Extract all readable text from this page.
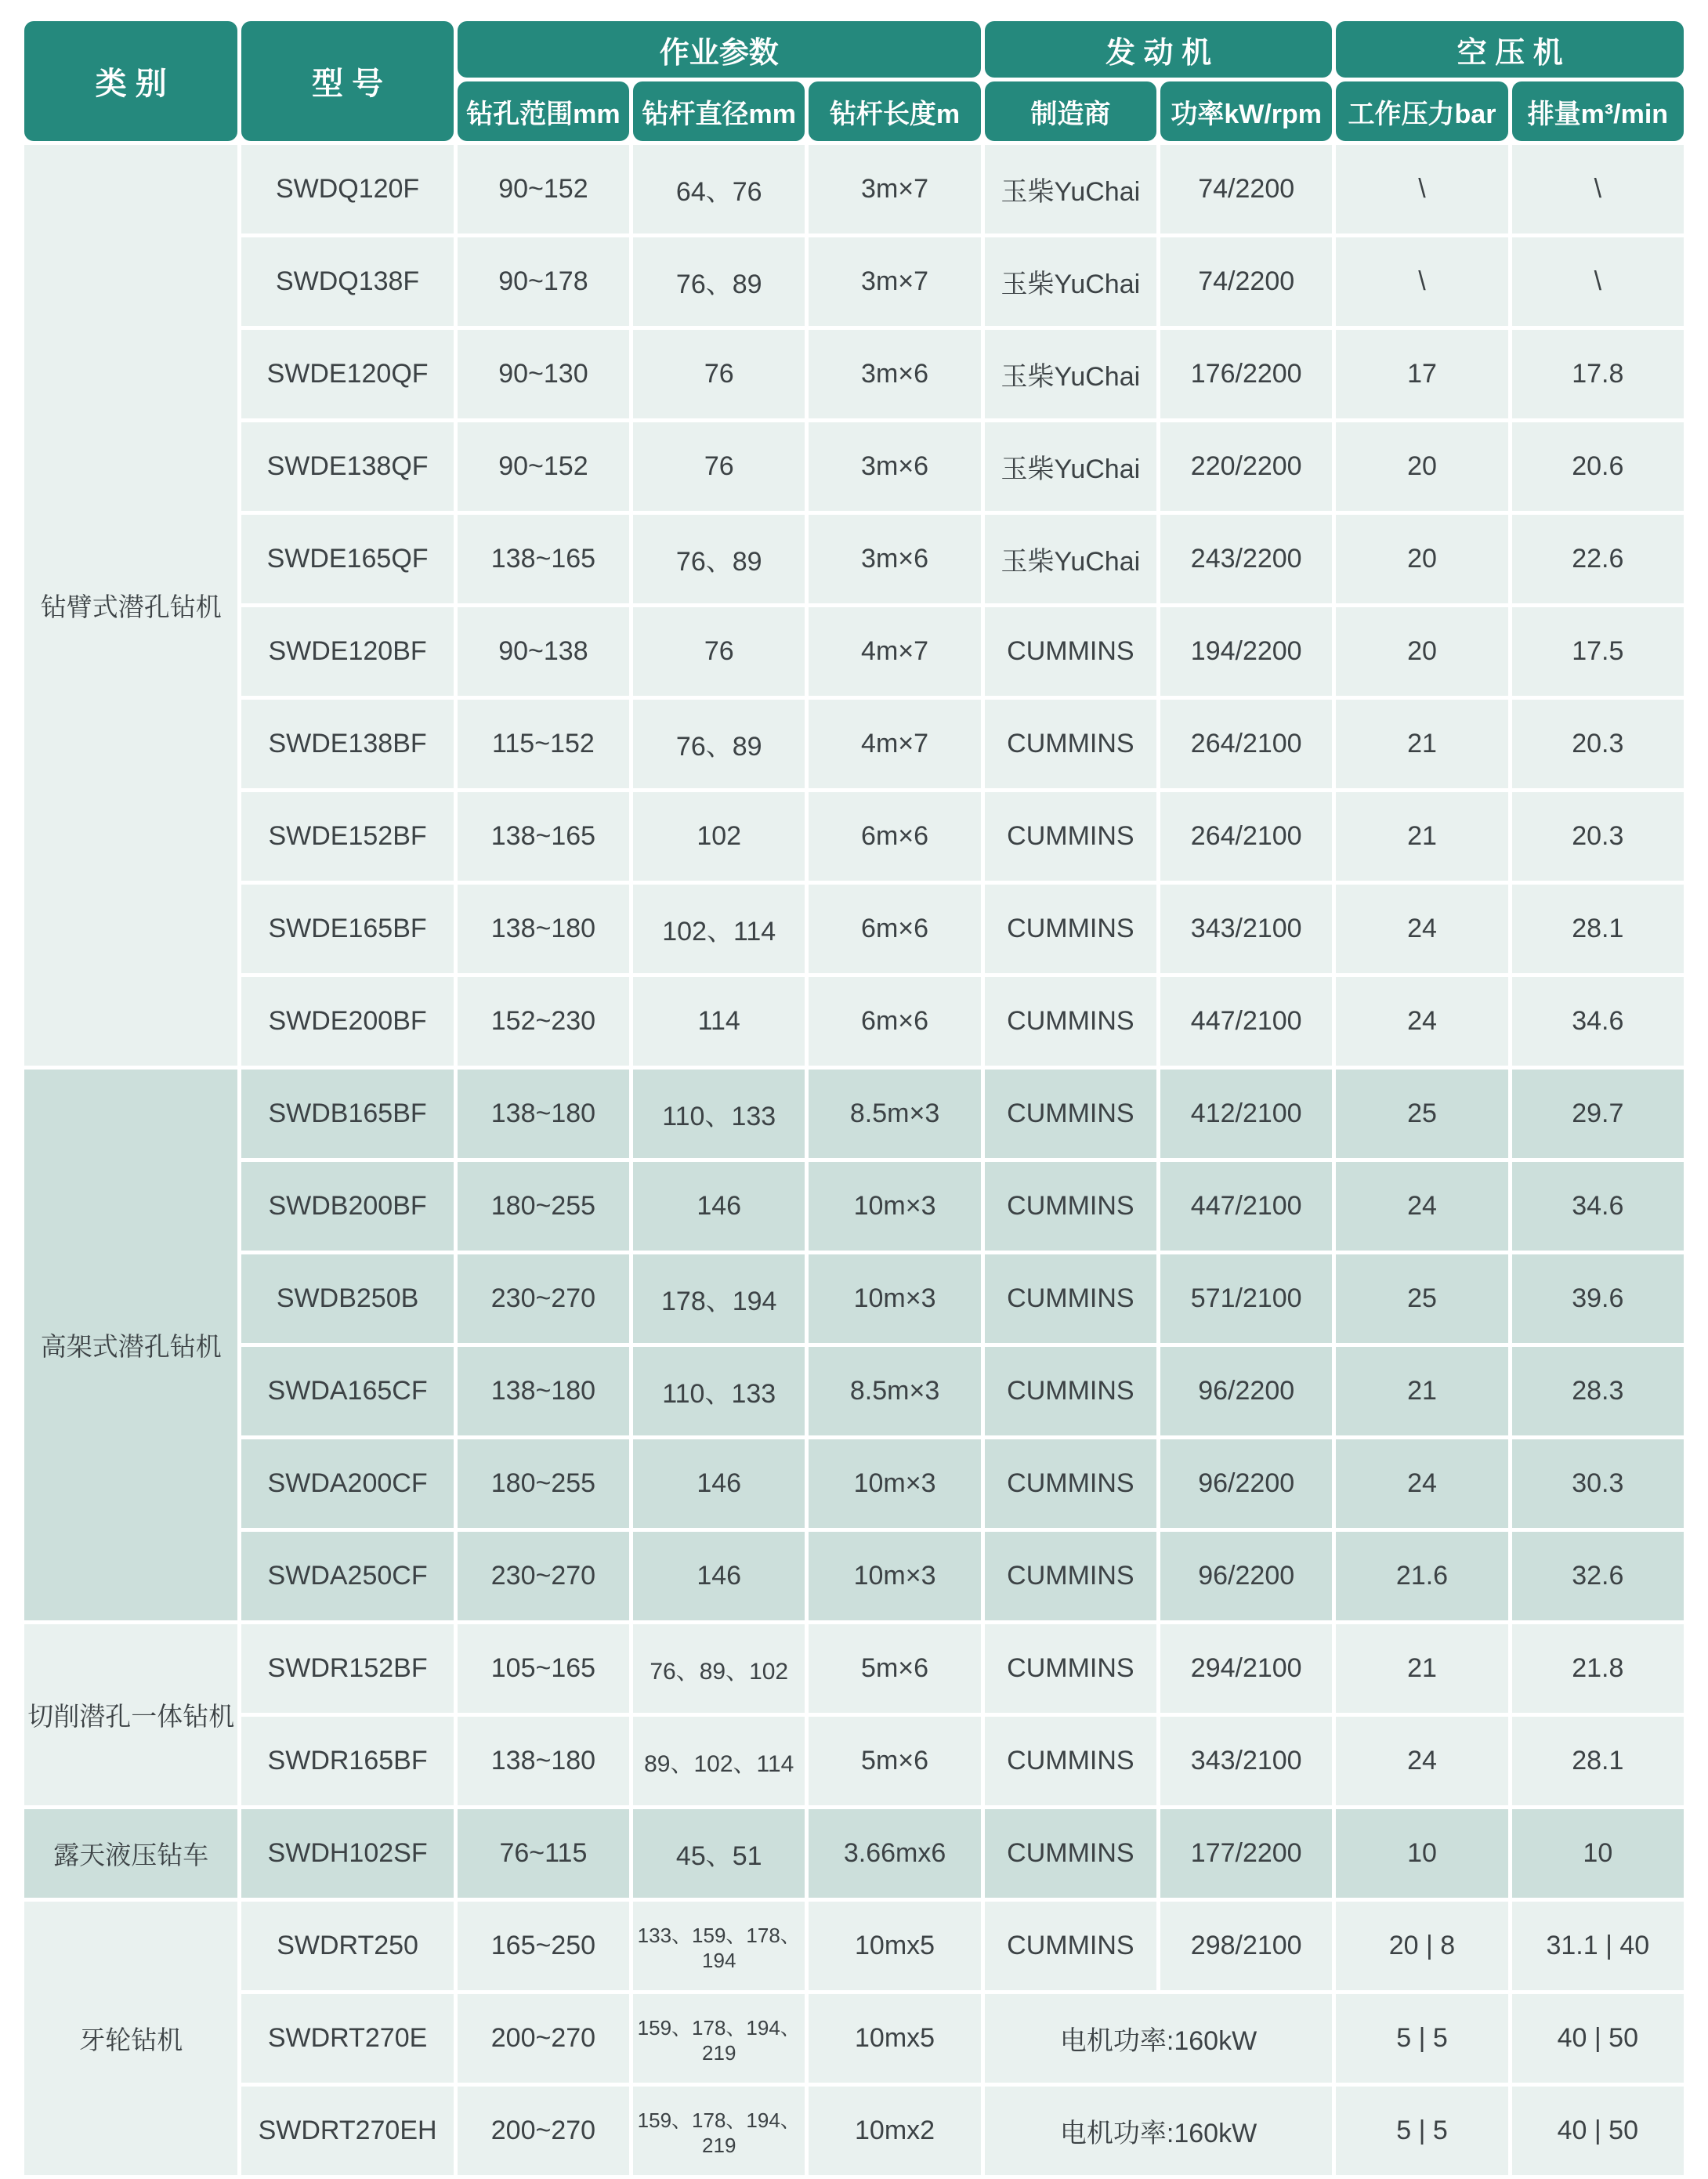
类 别	型 号	作业参数			发 动 机		空 压 机	
		钻孔范围mm	钻杆直径mm	钻杆长度m	制造商	功率kW/rpm	工作压力bar	排量m³/min
钻臂式潜孔钻机	SWDQ120F	90~152	64、76	3m×7	玉柴YuChai	74/2200	\	\
	SWDQ138F	90~178	76、89	3m×7	玉柴YuChai	74/2200	\	\
	SWDE120QF	90~130	76	3m×6	玉柴YuChai	176/2200	17	17.8
	SWDE138QF	90~152	76	3m×6	玉柴YuChai	220/2200	20	20.6
	SWDE165QF	138~165	76、89	3m×6	玉柴YuChai	243/2200	20	22.6
	SWDE120BF	90~138	76	4m×7	CUMMINS	194/2200	20	17.5
	SWDE138BF	115~152	76、89	4m×7	CUMMINS	264/2100	21	20.3
	SWDE152BF	138~165	102	6m×6	CUMMINS	264/2100	21	20.3
	SWDE165BF	138~180	102、114	6m×6	CUMMINS	343/2100	24	28.1
	SWDE200BF	152~230	114	6m×6	CUMMINS	447/2100	24	34.6
高架式潜孔钻机	SWDB165BF	138~180	110、133	8.5m×3	CUMMINS	412/2100	25	29.7
	SWDB200BF	180~255	146	10m×3	CUMMINS	447/2100	24	34.6
	SWDB250B	230~270	178、194	10m×3	CUMMINS	571/2100	25	39.6
	SWDA165CF	138~180	110、133	8.5m×3	CUMMINS	96/2200	21	28.3
	SWDA200CF	180~255	146	10m×3	CUMMINS	96/2200	24	30.3
	SWDA250CF	230~270	146	10m×3	CUMMINS	96/2200	21.6	32.6
切削潜孔一体钻机	SWDR152BF	105~165	76、89、102	5m×6	CUMMINS	294/2100	21	21.8
	SWDR165BF	138~180	89、102、114	5m×6	CUMMINS	343/2100	24	28.1
露天液压钻车	SWDH102SF	76~115	45、51	3.66mx6	CUMMINS	177/2200	10	10
牙轮钻机	SWDRT250	165~250	133、159、178、194	10mx5	CUMMINS	298/2100	20 | 8	31.1 | 40
	SWDRT270E	200~270	159、178、194、219	10mx5	电机功率:160kW		5 | 5	40 | 50
	SWDRT270EH	200~270	159、178、194、219	10mx2	电机功率:160kW		5 | 5	40 | 50
